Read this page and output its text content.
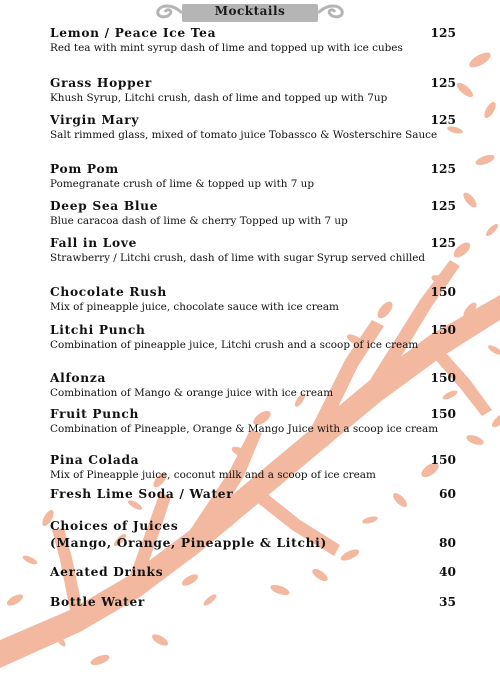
Mocktails
Lemon / Peace Ice Tea	125
Red tea with mint syrup dash of lime and topped up with ice cubes
Grass Hopper	125
Khush Syrup, Litchi crush, dash of lime and topped up with 7up
Virgin Mary	125
Salt rimmed glass, mixed of tomato juice Tobassco & Wosterschire Sauce
Pom Pom	125
Pomegranate crush of lime & topped up with 7 up
Deep Sea Blue	125
Blue caracoa dash of lime & cherry Topped up with 7 up
Fall in Love	125
Strawberry / Litchi crush, dash of lime with sugar Syrup served chilled
Chocolate Rush	150
Mix of pineapple juice, chocolate sauce with ice cream
Litchi Punch	150
Combination of pineapple juice, Litchi crush and a scoop of ice cream
Alfonza	150
Combination of Mango & orange juice with ice cream
Fruit Punch	150
Combination of Pineapple, Orange & Mango Juice with a scoop ice cream
Pina Colada	150
Mix of Pineapple juice, coconut milk and a scoop of ice cream
Fresh Lime Soda / Water	60
Choices of Juices
(Mango, Orange, Pineapple & Litchi)	80
Aerated Drinks	40
Bottle Water	35
